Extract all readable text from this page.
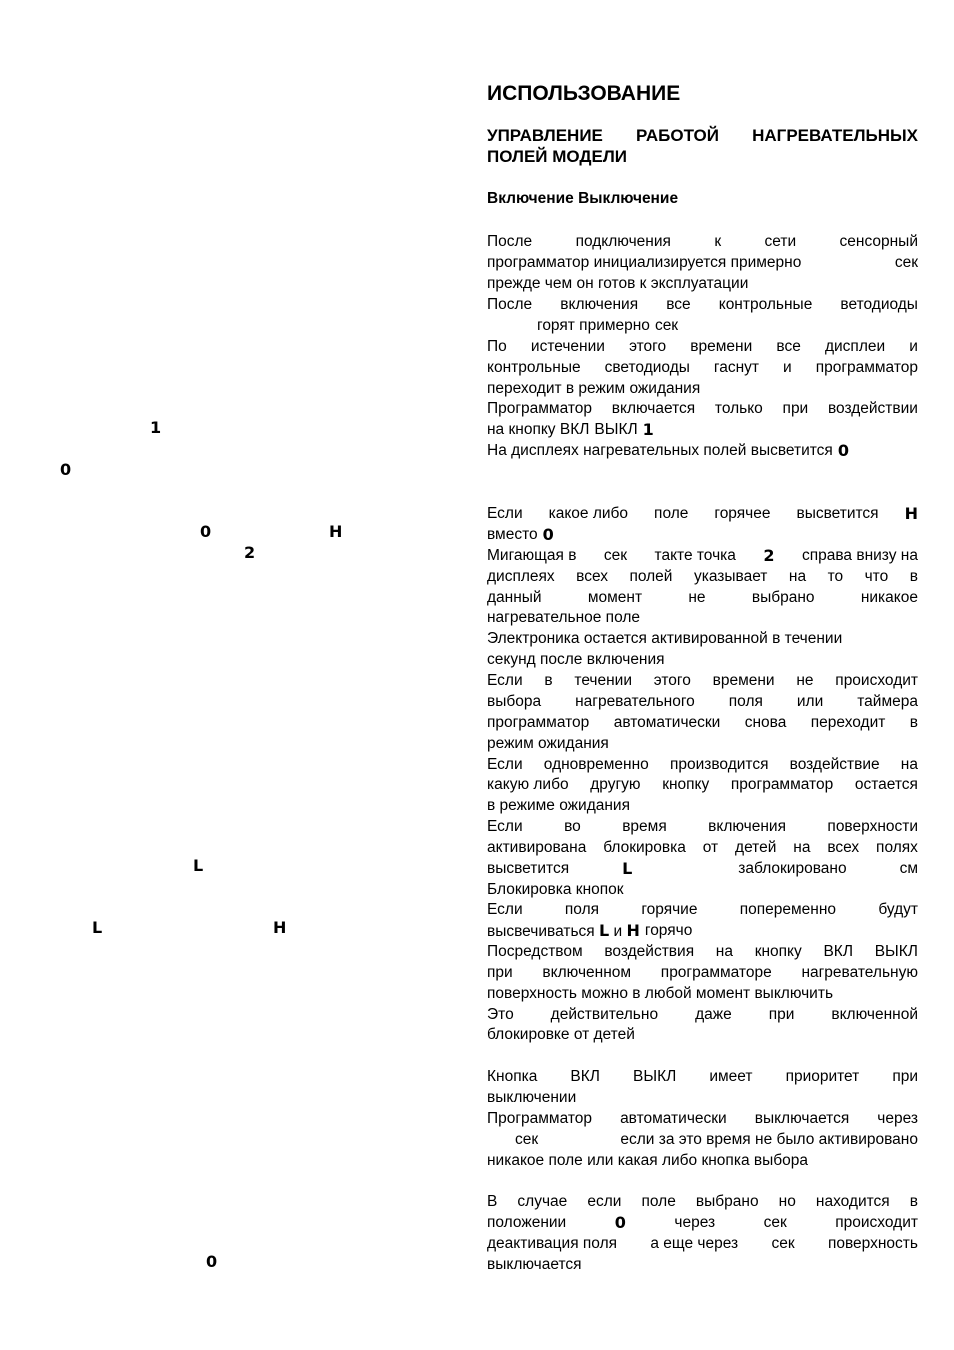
ИСПОЛЬЗОВАНИЕ
УПРАВЛЕНИЕ РАБОТОЙ НАГРЕВАТЕЛЬНЫХ ПОЛЕЙ МОДЕЛИ
Включение Выключение
После	подключения	к	сети	сенсорный
программатор инициализируется примерно	сек
прежде чем он готов к эксплуатации
После включения все контрольные ветодиоды
горят примерно сек
По истечении этого времени все дисплеи и
контрольные светодиоды гаснут и программатор
переходит в режим ожидания
Программатор включается только при воздействии
на кнопку ВКЛ ВЫКЛ 1
На дисплеях нагревательных полей высветится 0
Если какое либо поле горячее высветится H
вместо 0
Мигающая в сек такте точка 2 справа внизу на
дисплеях всех полей указывает на то что в
данный	момент	не	выбрано	никакое
нагревательное поле
Электроника остается активированной в течении
секунд после включения
Если в течении этого времени не происходит
выбора нагревательного поля или таймера
программатор автоматически снова переходит в
режим ожидания
Если одновременно производится воздействие на
какую либо другую кнопку программатор остается
в режиме ожидания
Если	во	время	включения	поверхности
активирована блокировка от детей на всех полях
высветится	L	заблокировано	см
Блокировка кнопок
Если	поля	горячие	попеременно	будут
высвечиваться L и H горячо
Посредством воздействия на кнопку ВКЛ ВЫКЛ
при включенном программаторе нагревательную
поверхность можно в любой момент выключить
Это действительно даже при включенной
блокировке от детей
Кнопка ВКЛ ВЫКЛ имеет приоритет при
выключении
Программатор автоматически выключается через
сек	если за это время не было активировано
никакое поле или какая либо кнопка выбора
В случае если поле выбрано но находится в
положении	0	через	сек	происходит
деактивация поля а еще через сек поверхность
выключается
1
0
0	H
2
L
L	H
0
